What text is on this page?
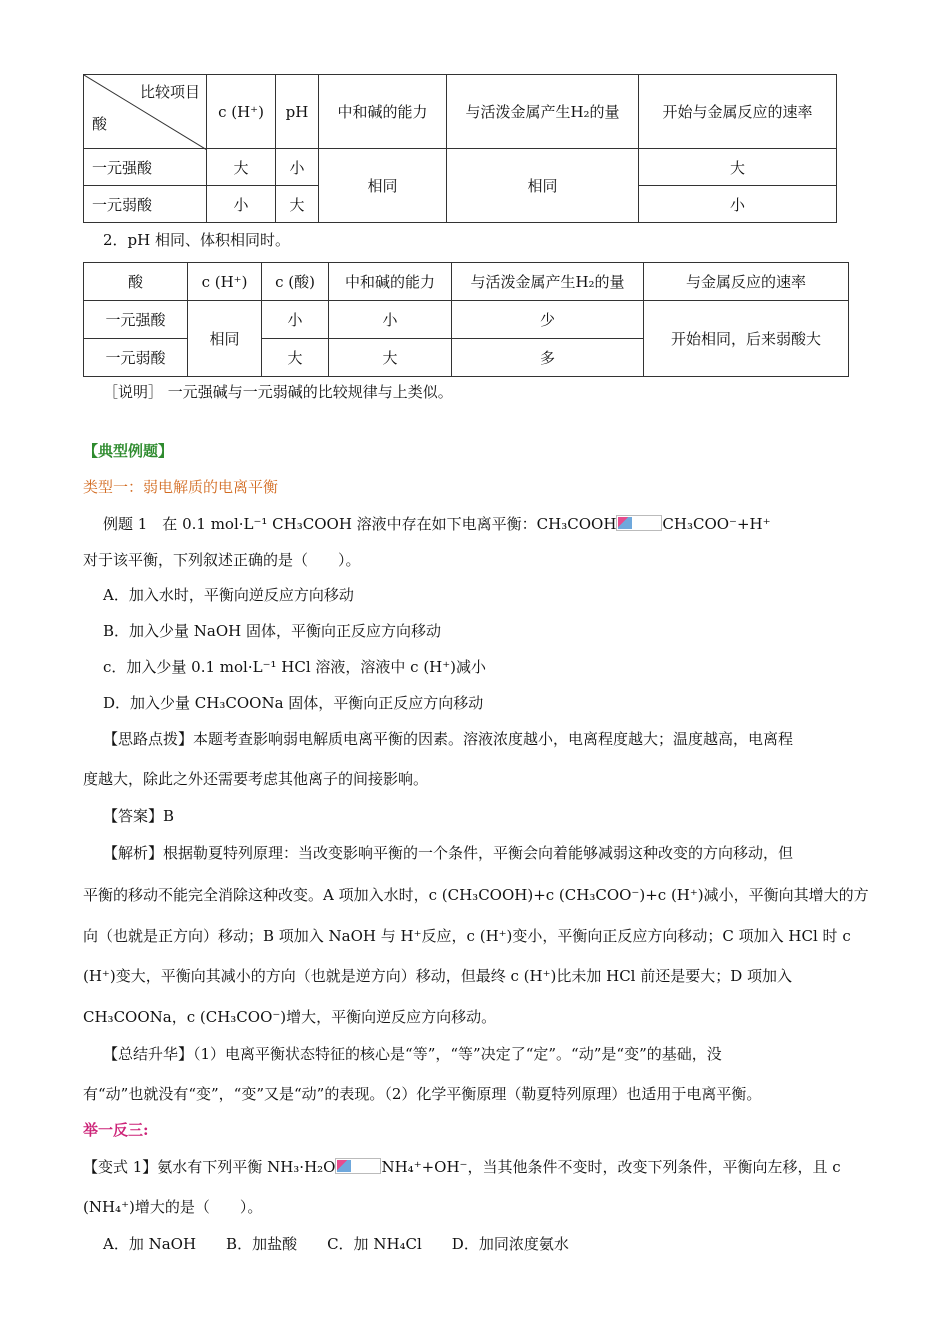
比较项目
酸	c (H⁺)	pH	中和碱的能力	与活泼金属产生H₂的量	开始与金属反应的速率
一元强酸	大	小	相同	相同	大
一元弱酸	小	大			小
2．pH 相同、体积相同时。
酸	c (H⁺)	c (酸)	中和碱的能力	与活泼金属产生H₂的量	与金属反应的速率
一元强酸	相同	小	小	少	开始相同，后来弱酸大
一元弱酸		大	大	多	
［说明］ 一元强碱与一元弱碱的比较规律与上类似。
【典型例题】
类型一：弱电解质的电离平衡
例题 1　在 0.1 mol·L⁻¹ CH₃COOH 溶液中存在如下电离平衡：CH₃COOH	CH₃COO⁻+H⁺
对于该平衡，下列叙述正确的是（　　）。
A．加入水时，平衡向逆反应方向移动
B．加入少量 NaOH 固体，平衡向正反应方向移动
c．加入少量 0.1 mol·L⁻¹ HCl 溶液，溶液中 c (H⁺)减小
D．加入少量 CH₃COONa 固体，平衡向正反应方向移动
【思路点拨】本题考查影响弱电解质电离平衡的因素。溶液浓度越小，电离程度越大；温度越高，电离程
度越大，除此之外还需要考虑其他离子的间接影响。
【答案】B
【解析】根据勒夏特列原理：当改变影响平衡的一个条件，平衡会向着能够减弱这种改变的方向移动，但
平衡的移动不能完全消除这种改变。A 项加入水时，c (CH₃COOH)+c (CH₃COO⁻)+c (H⁺)减小，平衡向其增大的方
向（也就是正方向）移动；B 项加入 NaOH 与 H⁺反应，c (H⁺)变小，平衡向正反应方向移动；C 项加入 HCl 时 c
(H⁺)变大，平衡向其减小的方向（也就是逆方向）移动，但最终 c (H⁺)比未加 HCl 前还是要大；D 项加入
CH₃COONa，c (CH₃COO⁻)增大，平衡向逆反应方向移动。
【总结升华】（1）电离平衡状态特征的核心是“等”，“等”决定了“定”。“动”是“变”的基础，没
有“动”也就没有“变”，“变”又是“动”的表现。（2）化学平衡原理（勒夏特列原理）也适用于电离平衡。
举一反三:
【变式 1】氨水有下列平衡 NH₃·H₂O	NH₄⁺+OH⁻，当其他条件不变时，改变下列条件，平衡向左移，且 c
(NH₄⁺)增大的是（　　）。
A．加 NaOH　　B．加盐酸　　C．加 NH₄Cl　　D．加同浓度氨水
